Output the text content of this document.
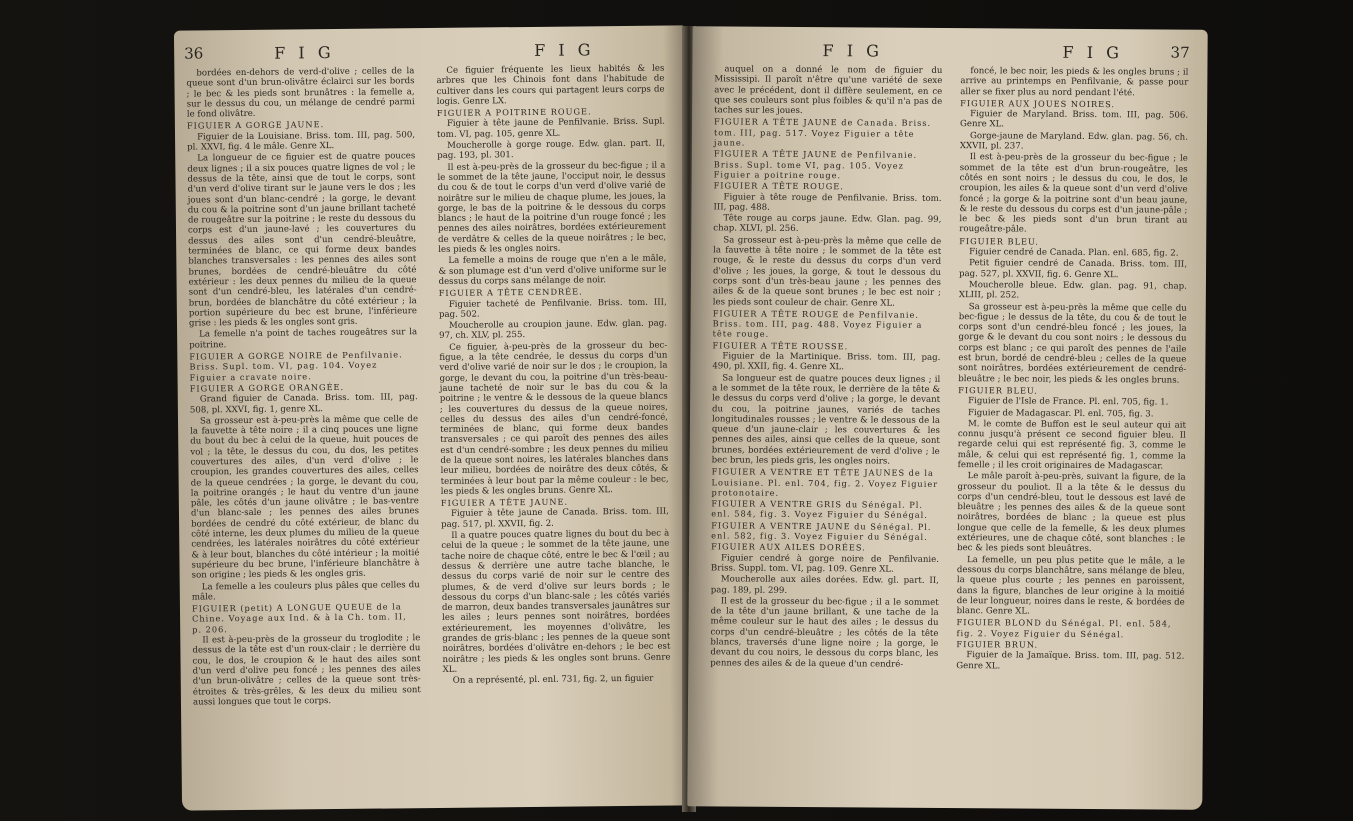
36	F I G	F I G

bordées en-dehors de verd-d'olive ; celles de la queue sont d'un brun-olivâtre éclairci sur les bords ; le bec & les pieds sont brunâtres : la femelle a, sur le dessus du cou, un mélange de cendré parmi le fond olivâtre.

FIGUIER A GORGE JAUNE.

Figuier de la Louisiane. Briss. tom. III, pag. 500, pl. XXVI, fig. 4 le mâle. Genre XL.

La longueur de ce figuier est de quatre pouces deux lignes ; il a six pouces quatre lignes de vol ; le dessus de la tête, ainsi que de tout le corps, sont d'un verd d'olive tirant sur le jaune vers le dos ; les joues sont d'un blanc-cendré ; la gorge, le devant du cou & la poitrine sont d'un jaune brillant tacheté de rougeâtre sur la poitrine ; le reste du dessous du corps est d'un jaune-lavé ; les couvertures du dessus des ailes sont d'un cendré-bleuâtre, terminées de blanc, ce qui forme deux bandes blanches transversales : les pennes des ailes sont brunes, bordées de cendré-bleuâtre du côté extérieur : les deux pennes du milieu de la queue sont d'un cendré-bleu, les latérales d'un cendré-brun, bordées de blanchâtre du côté extérieur ; la portion supérieure du bec est brune, l'inférieure grise : les pieds & les ongles sont gris.

La femelle n'a point de taches rougeâtres sur la poitrine.

FIGUIER A GORGE NOIRE de Penfilvanie. Briss. Supl. tom. VI, pag. 104. Voyez Figuier a cravate noire.

FIGUIER A GORGE ORANGÉE.

Grand figuier de Canada. Briss. tom. III, pag. 508, pl. XXVI, fig. 1, genre XL.

Sa grosseur est à-peu-près la même que celle de la fauvette à tête noire ; il a cinq pouces une ligne du bout du bec à celui de la queue, huit pouces de vol ; la tête, le dessus du cou, du dos, les petites couvertures des ailes, d'un verd d'olive ; le croupion, les grandes couvertures des ailes, celles de la queue cendrées ; la gorge, le devant du cou, la poitrine orangés ; le haut du ventre d'un jaune pâle, les côtés d'un jaune olivâtre ; le bas-ventre d'un blanc-sale ; les pennes des ailes brunes bordées de cendré du côté extérieur, de blanc du côté interne, les deux plumes du milieu de la queue cendrées, les latérales noirâtres du côté extérieur & à leur bout, blanches du côté intérieur ; la moitié supérieure du bec brune, l'inférieure blanchâtre à son origine ; les pieds & les ongles gris.

La femelle a les couleurs plus pâles que celles du mâle.

FIGUIER (petit) A LONGUE QUEUE de la Chine. Voyage aux Ind. & à la Ch. tom. II, p. 206.

Il est à-peu-près de la grosseur du troglodite ; le dessus de la tête est d'un roux-clair ; le derrière du cou, le dos, le croupion & le haut des ailes sont d'un verd d'olive peu foncé ; les pennes des ailes d'un brun-olivâtre ; celles de la queue sont très-étroites & très-grêles, & les deux du milieu sont aussi longues que tout le corps.

Ce figuier fréquente les lieux habités & les arbres que les Chinois font dans l'habitude de cultiver dans les cours qui partagent leurs corps de logis. Genre LX.

FIGUIER A POITRINE ROUGE.

Figuier à tête jaune de Penfilvanie. Briss. Supl. tom. VI, pag. 105, genre XL.

Moucherolle à gorge rouge. Edw. glan. part. II, pag. 193, pl. 301.

Il est à-peu-près de la grosseur du bec-figue ; il a le sommet de la tête jaune, l'occiput noir, le dessus du cou & de tout le corps d'un verd d'olive varié de noirâtre sur le milieu de chaque plume, les joues, la gorge, le bas de la poitrine & le dessous du corps blancs ; le haut de la poitrine d'un rouge foncé ; les pennes des ailes noirâtres, bordées extérieurement de verdâtre & celles de la queue noirâtres ; le bec, les pieds & les ongles noirs.

La femelle a moins de rouge que n'en a le mâle, & son plumage est d'un verd d'olive uniforme sur le dessus du corps sans mélange de noir.

FIGUIER A TÊTE CENDRÉE.

Figuier tacheté de Penfilvanie. Briss. tom. III, pag. 502.

Moucherolle au croupion jaune. Edw. glan. pag. 97, ch. XLV, pl. 255.

Ce figuier, à-peu-près de la grosseur du bec-figue, a la tête cendrée, le dessus du corps d'un verd d'olive varié de noir sur le dos ; le croupion, la gorge, le devant du cou, la poitrine d'un très-beau-jaune tacheté de noir sur le bas du cou & la poitrine ; le ventre & le dessous de la queue blancs ; les couvertures du dessus de la queue noires, celles du dessus des ailes d'un cendré-foncé, terminées de blanc, qui forme deux bandes transversales ; ce qui paroît des pennes des ailes est d'un cendré-sombre ; les deux pennes du milieu de la queue sont noires, les latérales blanches dans leur milieu, bordées de noirâtre des deux côtés, & terminées à leur bout par la même couleur : le bec, les pieds & les ongles bruns. Genre XL.

FIGUIER A TÊTE JAUNE.

Figuier à tête jaune de Canada. Briss. tom. III, pag. 517, pl. XXVII, fig. 2.

Il a quatre pouces quatre lignes du bout du bec à celui de la queue ; le sommet de la tête jaune, une tache noire de chaque côté, entre le bec & l'œil ; au dessus & derrière une autre tache blanche, le dessus du corps varié de noir sur le centre des plumes, & de verd d'olive sur leurs bords ; le dessous du corps d'un blanc-sale ; les côtés variés de marron, deux bandes transversales jaunâtres sur les ailes ; leurs pennes sont noirâtres, bordées extérieurement, les moyennes d'olivâtre, les grandes de gris-blanc ; les pennes de la queue sont noirâtres, bordées d'olivâtre en-dehors ; le bec est noirâtre ; les pieds & les ongles sont bruns. Genre XL.

On a représenté, pl. enl. 731, fig. 2, un figuier

F I G	F I G	37

auquel on a donné le nom de figuier du Mississipi. Il paroît n'être qu'une variété de sexe avec le précédent, dont il diffère seulement, en ce que ses couleurs sont plus foibles & qu'il n'a pas de taches sur les joues.

FIGUIER A TÊTE JAUNE de Canada. Briss. tom. III, pag. 517. Voyez Figuier a tête jaune.

FIGUIER A TÊTE JAUNE de Penfilvanie. Briss. Supl. tome VI, pag. 105. Voyez Figuier a poitrine rouge.

FIGUIER A TÊTE ROUGE.

Figuier à tête rouge de Penfilvanie. Briss. tom. III, pag. 488.

Tête rouge au corps jaune. Edw. Glan. pag. 99, chap. XLVI, pl. 256.

Sa grosseur est à-peu-près la même que celle de la fauvette à tête noire ; le sommet de la tête est rouge, & le reste du dessus du corps d'un verd d'olive ; les joues, la gorge, & tout le dessous du corps sont d'un très-beau jaune ; les pennes des ailes & de la queue sont brunes ; le bec est noir ; les pieds sont couleur de chair. Genre XL.

FIGUIER A TÊTE ROUGE de Penfilvanie. Briss. tom. III, pag. 488. Voyez Figuier a tête rouge.

FIGUIER A TÊTE ROUSSE.

Figuier de la Martinique. Briss. tom. III, pag. 490, pl. XXII, fig. 4. Genre XL.

Sa longueur est de quatre pouces deux lignes ; il a le sommet de la tête roux, le derrière de la tête & le dessus du corps verd d'olive ; la gorge, le devant du cou, la poitrine jaunes, variés de taches longitudinales rousses ; le ventre & le dessous de la queue d'un jaune-clair ; les couvertures & les pennes des ailes, ainsi que celles de la queue, sont brunes, bordées extérieurement de verd d'olive ; le bec brun, les pieds gris, les ongles noirs.

FIGUIER A VENTRE ET TÊTE JAUNES de la Louisiane. Pl. enl. 704, fig. 2. Voyez Figuier protonotaire.

FIGUIER A VENTRE GRIS du Sénégal. Pl. enl. 584, fig. 3. Voyez Figuier du Sénégal.

FIGUIER A VENTRE JAUNE du Sénégal. Pl. enl. 582, fig. 3. Voyez Figuier du Sénégal.

FIGUIER AUX AILES DORÉES.

Figuier cendré à gorge noire de Penfilvanie. Briss. Suppl. tom. VI, pag. 109. Genre XL.

Moucherolle aux ailes dorées. Edw. gl. part. II, pag. 189, pl. 299.

Il est de la grosseur du bec-figue ; il a le sommet de la tête d'un jaune brillant, & une tache de la même couleur sur le haut des ailes ; le dessus du corps d'un cendré-bleuâtre ; les côtés de la tête blancs, traversés d'une ligne noire ; la gorge, le devant du cou noirs, le dessous du corps blanc, les pennes des ailes & de la queue d'un cendré-

foncé, le bec noir, les pieds & les ongles bruns ; il arrive au printemps en Penfilvanie, & passe pour aller se fixer plus au nord pendant l'été.

FIGUIER AUX JOUES NOIRES.

Figuier de Maryland. Briss. tom. III, pag. 506. Genre XL.

Gorge-jaune de Maryland. Edw. glan. pag. 56, ch. XXVII, pl. 237.

Il est à-peu-près de la grosseur du bec-figue ; le sommet de la tête est d'un brun-rougeâtre, les côtés en sont noirs ; le dessus du cou, le dos, le croupion, les ailes & la queue sont d'un verd d'olive foncé ; la gorge & la poitrine sont d'un beau jaune, & le reste du dessous du corps est d'un jaune-pâle ; le bec & les pieds sont d'un brun tirant au rougeâtre-pâle.

FIGUIER BLEU.

Figuier cendré de Canada. Plan. enl. 685, fig. 2.

Petit figuier cendré de Canada. Briss. tom. III, pag. 527, pl. XXVII, fig. 6. Genre XL.

Moucherolle bleue. Edw. glan. pag. 91, chap. XLIII, pl. 252.

Sa grosseur est à-peu-près la même que celle du bec-figue ; le dessus de la tête, du cou & de tout le corps sont d'un cendré-bleu foncé ; les joues, la gorge & le devant du cou sont noirs ; le dessous du corps est blanc ; ce qui paroît des pennes de l'aile est brun, bordé de cendré-bleu ; celles de la queue sont noirâtres, bordées extérieurement de cendré-bleuâtre ; le bec noir, les pieds & les ongles bruns.

FIGUIER BLEU.

Figuier de l'Isle de France. Pl. enl. 705, fig. 1.

Figuier de Madagascar. Pl. enl. 705, fig. 3.

M. le comte de Buffon est le seul auteur qui ait connu jusqu'à présent ce second figuier bleu. Il regarde celui qui est représenté fig. 3, comme le mâle, & celui qui est représenté fig. 1, comme la femelle ; il les croit originaires de Madagascar.

Le mâle paroît à-peu-près, suivant la figure, de la grosseur du pouliot. Il a la tête & le dessus du corps d'un cendré-bleu, tout le dessous est lavé de bleuâtre ; les pennes des ailes & de la queue sont noirâtres, bordées de blanc ; la queue est plus longue que celle de la femelle, & les deux plumes extérieures, une de chaque côté, sont blanches : le bec & les pieds sont bleuâtres.

La femelle, un peu plus petite que le mâle, a le dessous du corps blanchâtre, sans mélange de bleu, la queue plus courte ; les pennes en paroissent, dans la figure, blanches de leur origine à la moitié de leur longueur, noires dans le reste, & bordées de blanc. Genre XL.

FIGUIER BLOND du Sénégal. Pl. enl. 584, fig. 2. Voyez Figuier du Sénégal.

FIGUIER BRUN.

Figuier de la Jamaïque. Briss. tom. III, pag. 512. Genre XL.
